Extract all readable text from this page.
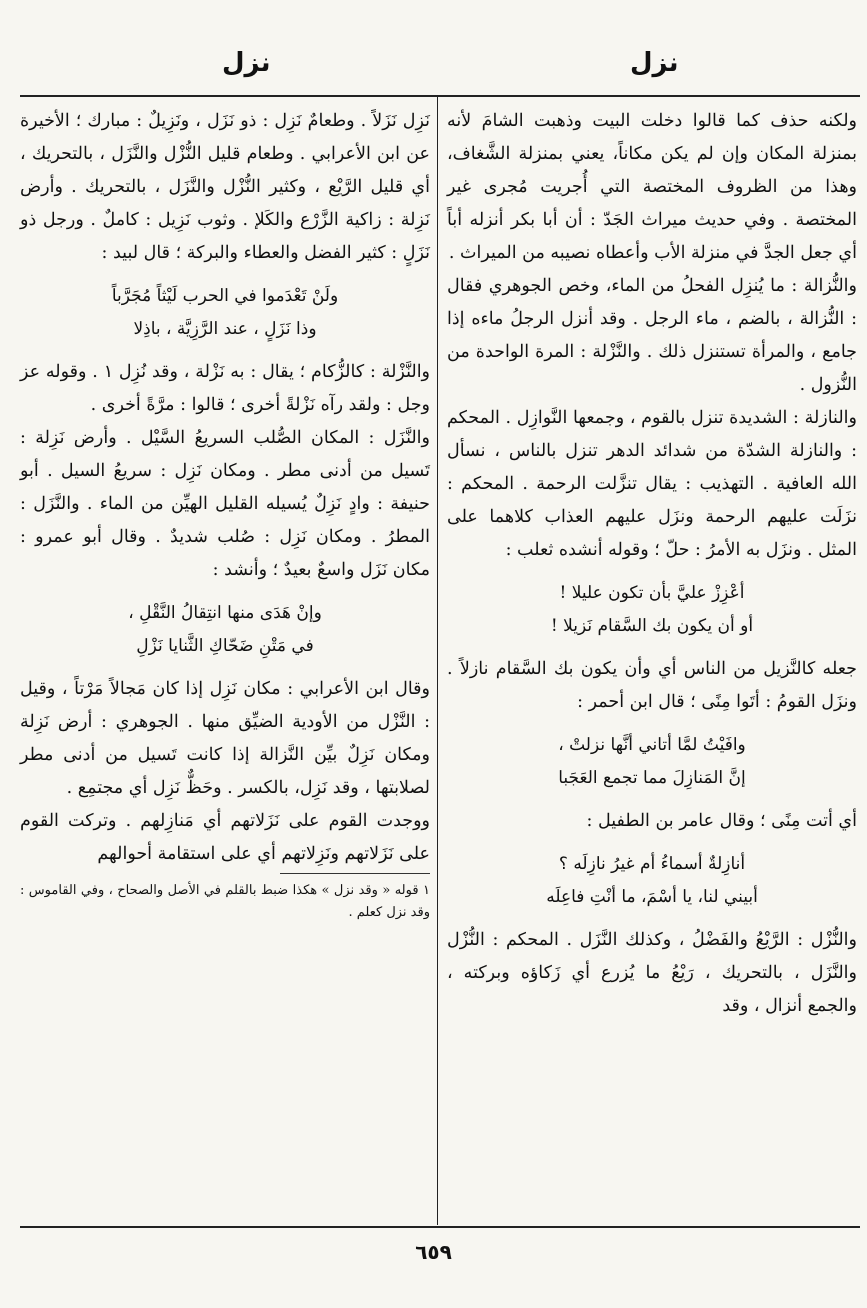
نزل
نزل

ولكنه حذف كما قالوا دخلت البيت وذهبت الشامَ لأنه بمنزلة المكان وإن لم يكن مكاناً، يعني بمنزلة الشَّغاف، وهذا من الظروف المختصة التي أُجريت مُجرى غير المختصة . وفي حديث ميراث الجَدّ : أن أبا بكر أنزله أباً أي جعل الجدَّ في منزلة الأب وأعطاه نصيبه من الميراث .

والنُّزالة : ما يُنزِل الفحلُ من الماء، وخص الجوهري فقال : النُّزالة ، بالضم ، ماء الرجل . وقد أنزل الرجلُ ماءه إذا جامع ، والمرأة تستنزل ذلك . والنَّزْلة : المرة الواحدة من النُّزول .

والنازلة : الشديدة تنزل بالقوم ، وجمعها النَّوازِل . المحكم : والنازلة الشدّة من شدائد الدهر تنزل بالناس ، نسأل الله العافية . التهذيب : يقال تنزَّلت الرحمة . المحكم : نزَلَت عليهم الرحمة ونزَل عليهم العذاب كلاهما على المثل . ونزَل به الأمرُ : حلّ ؛ وقوله أنشده ثعلب :

أعْزِزْ عليَّ بأن تكون عليلا !
أو أن يكون بك السَّقام نَزيلا !

جعله كالنَّزيل من الناس أي وأن يكون بك السَّقام نازلاً . ونزَل القومُ : أتَوا مِنًى ؛ قال ابن أحمر :

وافَيْتُ لمَّا أتاني أنَّها نزلتْ ،
إنَّ المَنازِلَ مما تجمع العَجَبا

أي أتت مِنًى ؛ وقال عامر بن الطفيل :

أنازِلةٌ أسماءُ أم غيرُ نازِلَه ؟
أبيني لنا، يا أسْمَ، ما أنْتِ فاعِلَه

والنُّزْل : الرَّيْعُ والفَضْلُ ، وكذلك النَّزَل . المحكم : النُّزْل والنَّزَل ، بالتحريك ، رَيْعُ ما يُزرع أي زَكاؤه وبركته ، والجمع أنزال ، وقد

نَزِل نَزَلاً . وطعامٌ نَزِل : ذو نَزَل ، ونَزِيلٌ : مبارك ؛ الأخيرة عن ابن الأعرابي . وطعام قليل النُّزْل والنَّزَل ، بالتحريك ، أي قليل الرَّيْع ، وكثير النُّزْل والنَّزَل ، بالتحريك . وأرض نَزِلة : زاكية الزَّرْع والكَلإ . وثوب نَزِيل : كاملٌ . ورجل ذو نَزَلٍ : كثير الفضل والعطاء والبركة ؛ قال لبيد :

ولَنْ تَعْدَموا في الحرب لَيْثاً مُجَرَّباً
وذا نَزَلٍ ، عند الرَّزِيَّة ، باذِلا

والنَّزْلة : كالزُّكام ؛ يقال : به نَزْلة ، وقد نُزِل ١ . وقوله عز وجل : ولقد رآه نَزْلةً أخرى ؛ قالوا : مرَّةً أخرى .

والنَّزَل : المكان الصُّلب السريعُ السَّيْل . وأرض نَزِلة : تَسيل من أدنى مطر . ومكان نَزِل : سريعُ السيل . أبو حنيفة : وادٍ نَزِلٌ يُسيله القليل الهيِّن من الماء . والنَّزَل : المطرُ . ومكان نَزِل : صُلب شديدٌ . وقال أبو عمرو : مكان نَزَل واسعٌ بعيدٌ ؛ وأنشد :

وإنْ هَدَى منها انتِقالُ النَّقْلِ ،
في مَتْنِ ضَحّاكِ الثَّنايا نَزْلِ

وقال ابن الأعرابي : مكان نَزِل إذا كان مَجالاً مَرْتاً ، وقيل : النَّزْل من الأودية الضيِّق منها . الجوهري : أرض نَزِلة ومكان نَزِلٌ بيِّن النَّزالة إذا كانت تَسيل من أدنى مطر لصلابتها ، وقد نَزِل، بالكسر . وحَظٌّ نَزِل أي مجتمِع .

ووجدت القوم على نَزَلاتهم أي مَنازِلهم . وتركت القوم على نَزَلاتهم ونَزِلاتهم أي على استقامة أحوالهم

١ قوله « وقد نزل » هكذا ضبط بالقلم في الأصل والصحاح ، وفي القاموس : وقد نزل كعلم .

٦٥٩
